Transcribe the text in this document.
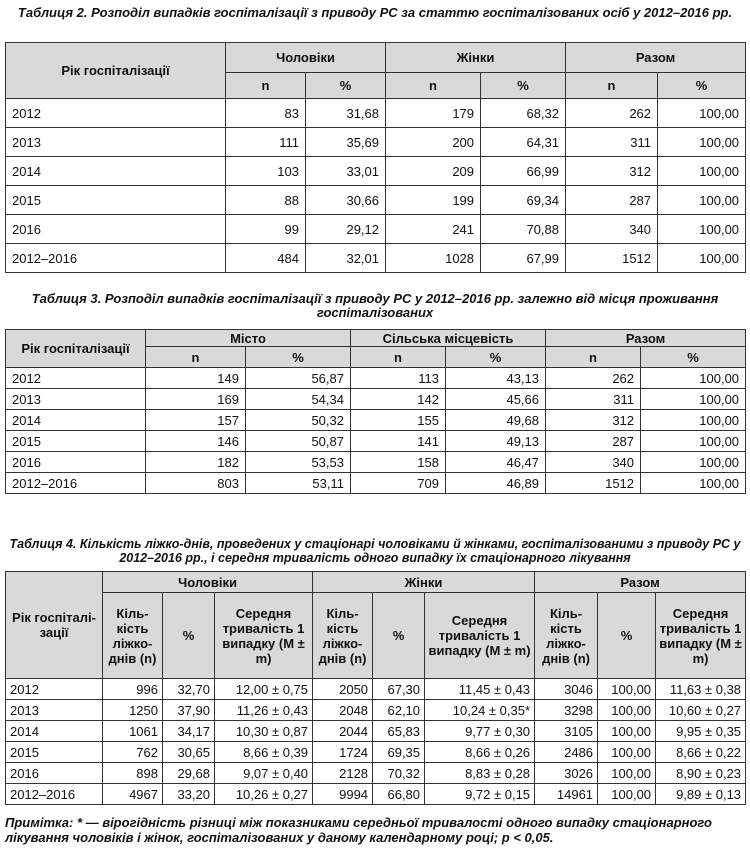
Таблиця 2. Розподіл випадків госпіталізації з приводу РС за статтю госпіталізованих осіб у 2012–2016 рр.
Рік госпіталізації	Чоловіки		Жінки		Разом	
	n	%	n	%	n	%
2012	83	31,68	179	68,32	262	100,00
2013	111	35,69	200	64,31	311	100,00
2014	103	33,01	209	66,99	312	100,00
2015	88	30,66	199	69,34	287	100,00
2016	99	29,12	241	70,88	340	100,00
2012–2016	484	32,01	1028	67,99	1512	100,00
Таблиця 3. Розподіл випадків госпіталізації з приводу РС у 2012–2016 рр. залежно від місця проживання госпіталізованих
Рік госпіталізації	Місто		Сільська місцевість		Разом	
	n	%	n	%	n	%
2012	149	56,87	113	43,13	262	100,00
2013	169	54,34	142	45,66	311	100,00
2014	157	50,32	155	49,68	312	100,00
2015	146	50,87	141	49,13	287	100,00
2016	182	53,53	158	46,47	340	100,00
2012–2016	803	53,11	709	46,89	1512	100,00
Таблиця 4. Кількість ліжко-днів, проведених у стаціонарі чоловіками й жінками, госпіталізованими з приводу РС у 2012–2016 рр., і середня тривалість одного випадку їх стаціонарного лікування
Рік госпіталізації	Чоловіки			Жінки			Разом		
	Кількість ліжко-днів (n)	%	Середня тривалість 1 випадку (M ± m)	Кількість ліжко-днів (n)	%	Середня тривалість 1 випадку (M ± m)	Кількість ліжко-днів (n)	%	Середня тривалість 1 випадку (M ± m)
2012	996	32,70	12,00 ± 0,75	2050	67,30	11,45 ± 0,43	3046	100,00	11,63 ± 0,38
2013	1250	37,90	11,26 ± 0,43	2048	62,10	10,24 ± 0,35*	3298	100,00	10,60 ± 0,27
2014	1061	34,17	10,30 ± 0,87	2044	65,83	9,77 ± 0,30	3105	100,00	9,95 ± 0,35
2015	762	30,65	8,66 ± 0,39	1724	69,35	8,66 ± 0,26	2486	100,00	8,66 ± 0,22
2016	898	29,68	9,07 ± 0,40	2128	70,32	8,83 ± 0,28	3026	100,00	8,90 ± 0,23
2012–2016	4967	33,20	10,26 ± 0,27	9994	66,80	9,72 ± 0,15	14961	100,00	9,89 ± 0,13
Примітка: * — вірогідність різниці між показниками середньої тривалості одного випадку стаціонарного лікування чоловіків і жінок, госпіталізованих у даному календарному році; p < 0,05.
